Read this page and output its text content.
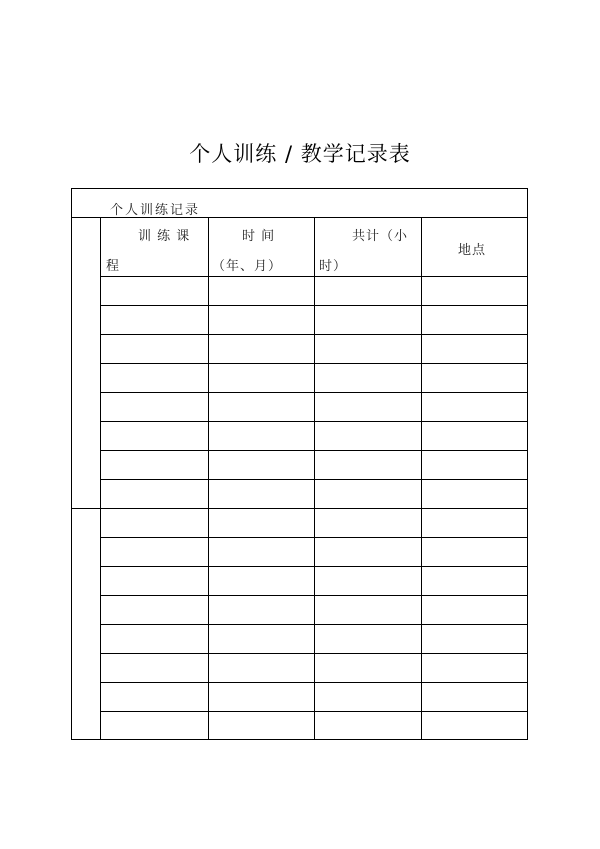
个人训练 / 教学记录表
个人训练记录
训 练 课
程
时 间
（年、月）
共计（小
时）
地点
